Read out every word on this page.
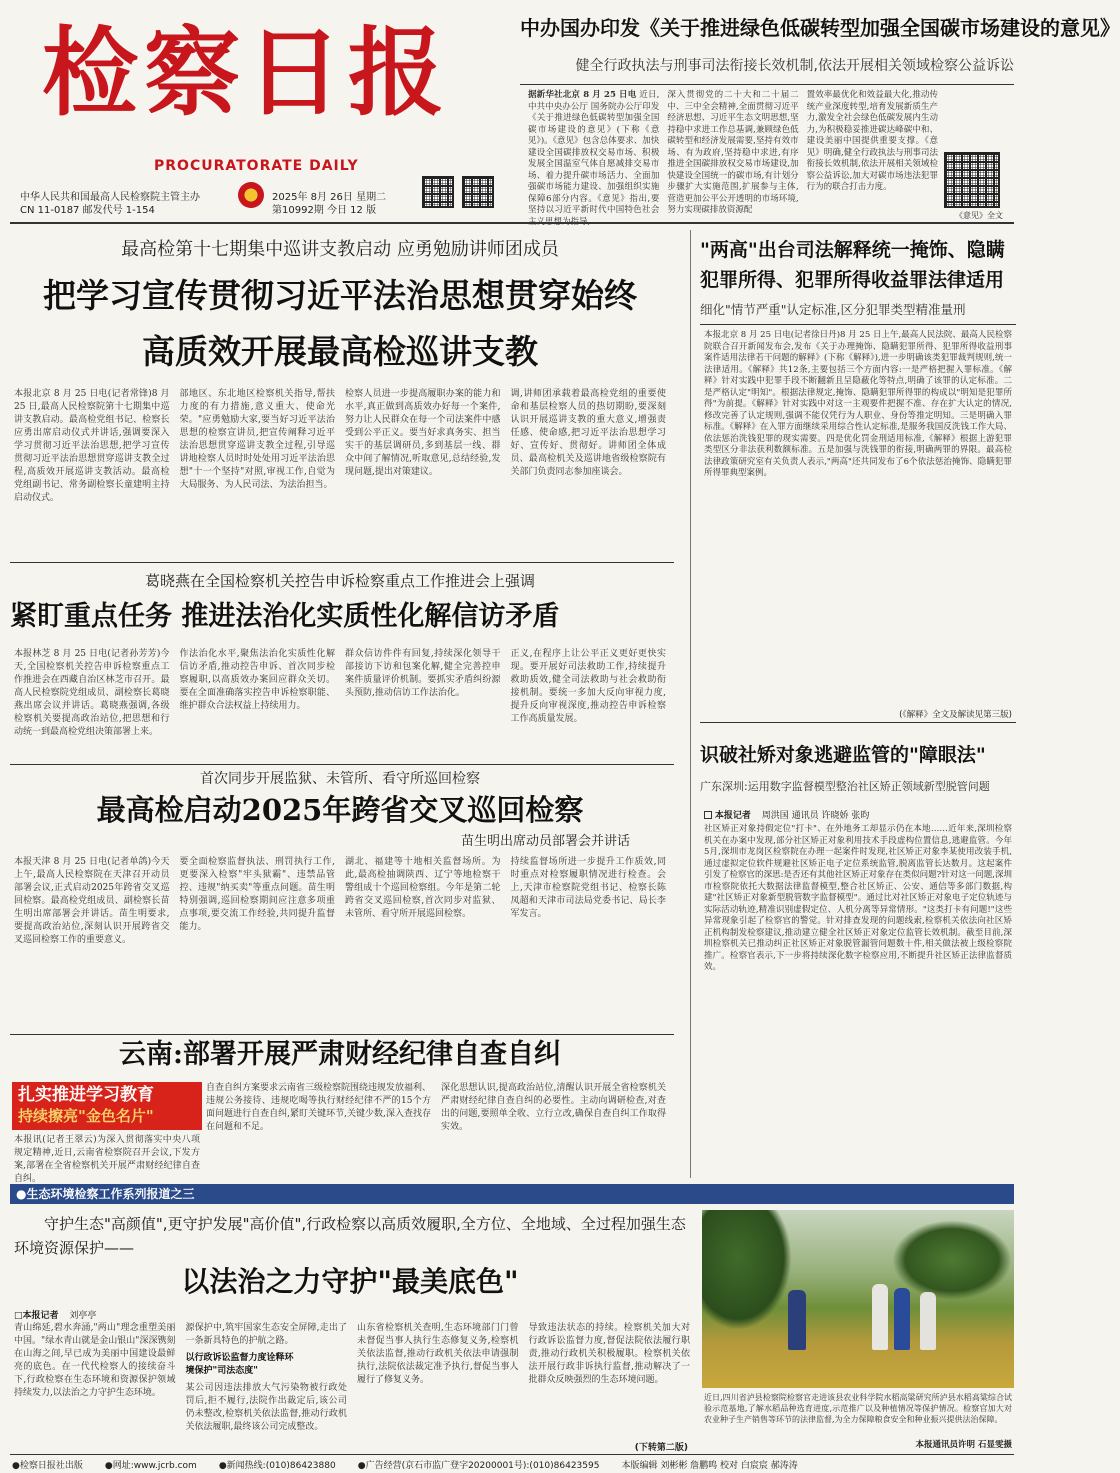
检察日报
PROCURATORATE DAILY
中华人民共和国最高人民检察院主管主办
CN 11-0187 邮发代号 1-154
2025年 8月 26日 星期二
第10992期 今日 12 版
中办国办印发《关于推进绿色低碳转型加强全国碳市场建设的意见》
健全行政执法与刑事司法衔接长效机制,依法开展相关领域检察公益诉讼
据新华社北京 8 月 25 日电 近日,中共中央办公厅 国务院办公厅印发《关于推进绿色低碳转型加强全国碳市场建设的意见》(下称《意见》)。《意见》包含总体要求、加快建设全国碳排放权交易市场、积极发展全国温室气体自愿减排交易市场、着力提升碳市场活力、全面加强碳市场能力建设、加强组织实施保障6部分内容。《意见》指出,要坚持以习近平新时代中国特色社会
深入贯彻党的二十大和二十届二中、三中全会精神,全面贯彻习近平经济思想、习近平生态文明思想,坚持稳中求进工作总基调,兼顾绿色低碳转型和经济发展需要,坚持有效市场、有为政府,坚持稳中求进,有序推进全国碳排放权交易市场建设,加快建设全国统一的碳市场,有计划分步骤扩大实施范围,扩展参与主体,营造更加公平公开透明的市场环境,努力实现碳排放资源配
置效率最优化和效益最大化,推动传统产业深度转型,培育发展新质生产力,激发全社会绿色低碳发展内生动力,为积极稳妥推进碳达峰碳中和、建设美丽中国提供重要支撑。《意见》明确,健全行政执法与刑事司法衔接长效机制,依法开展相关领域检察公益诉讼,加大对碳市场违法犯罪行为的联合打击力度。
《意见》全文
最高检第十七期集中巡讲支教启动 应勇勉励讲师团成员
把学习宣传贯彻习近平法治思想贯穿始终
高质效开展最高检巡讲支教
本报北京 8 月 25 日电(记者常锋)8 月 25 日,最高人民检察院第十七期集中巡讲支教启动。最高检党组书记、检察长应勇出席启动仪式并讲话,强调要深入学习贯彻习近平法治思想,把学习宣传贯彻习近平法治思想贯穿巡讲支教全过程,高质效开展巡讲支教活动。最高检党组副书记、常务副检察长童建明主持启动仪式。
部地区、东北地区检察机关指导,帮扶力度的有力措施,意义重大、使命光荣。"应勇勉励大家,要当好习近平法治思想的检察宣讲员,把宣传阐释习近平法治思想贯穿巡讲支教全过程,引导巡讲地检察人员时时处处用习近平法治思想"十一个坚持"对照,审视工作,自觉为大局服务、为人民司法、为法治担当。
检察人员进一步提高履职办案的能力和水平,真正做到高质效办好每一个案件,努力让人民群众在每一个司法案件中感受到公平正义。要当好求真务实、担当实干的基层调研员,多到基层一线、群众中间了解情况,听取意见,总结经验,发现问题,提出对策建议。
调,讲师团承载着最高检党组的重要使命和基层检察人员的热切期盼,要深刻认识开展巡讲支教的重大意义,增强责任感、使命感,把习近平法治思想学习好、宣传好、贯彻好。讲师团全体成员、最高检机关及巡讲地省级检察院有关部门负责同志参加座谈会。
葛晓燕在全国检察机关控告申诉检察重点工作推进会上强调
紧盯重点任务 推进法治化实质性化解信访矛盾
本报林芝 8 月 25 日电(记者孙芳芳)今天,全国检察机关控告申诉检察重点工作推进会在西藏自治区林芝市召开。最高人民检察院党组成员、副检察长葛晓燕出席会议并讲话。葛晓燕强调,各级检察机关要提高政治站位,把思想和行动统一到最高检党组决策部署上来。
作法治化水平,聚焦法治化实质性化解信访矛盾,推动控告申诉、首次同步检察履职,以高质效办案回应群众关切。要在全面准确落实控告申诉检察职能、维护群众合法权益上持续用力。
群众信访件件有回复,持续深化领导干部接访下访和包案化解,健全完善控申案件质量评价机制。要抓实矛盾纠纷源头预防,推动信访工作法治化。
正义,在程序上让公平正义更好更快实现。要开展好司法救助工作,持续提升救助质效,健全司法救助与社会救助衔接机制。要统一多加大反向审视力度,提升反向审视深度,推动控告申诉检察工作高质量发展。
首次同步开展监狱、未管所、看守所巡回检察
最高检启动2025年跨省交叉巡回检察
苗生明出席动员部署会并讲话
本报天津 8 月 25 日电(记者单鸽)今天上午,最高人民检察院在天津召开动员部署会议,正式启动2025年跨省交叉巡回检察。最高检党组成员、副检察长苗生明出席部署会并讲话。苗生明要求,要提高政治站位,深刻认识开展跨省交叉巡回检察工作的重要意义。
要全面检察监督执法、刑罚执行工作,更要深入检察"牢头狱霸"、违禁品管控、违规"纳买卖"等重点问题。苗生明特别强调,巡回检察期间应注意多项重点事项,要交流工作经验,共同提升监督能力。
湖北、福建等十地相关监督场所。为此,最高检抽调陕西、辽宁等地检察干警组成十个巡回检察组。今年是第二轮跨省交叉巡回检察,首次同步对监狱、未管所、看守所开展巡回检察。
持续监督场所进一步提升工作质效,同时重点对检察履职情况进行检查。会上,天津市检察院党组书记、检察长陈凤超和天津市司法局党委书记、局长李军发言。
云南:部署开展严肃财经纪律自查自纠
扎实推进学习教育
持续擦亮"金色名片"
本报讯(记者王翠云)为深入贯彻落实中央八项规定精神,近日,云南省检察院召开会议,下发方案,部署在全省检察机关开展严肃财经纪律自查自纠。
自查自纠方案要求云南省三级检察院围绕违规发放福利、违规公务接待、违规吃喝等执行财经纪律不严的15个方面问题进行自查自纠,紧盯关键环节,关键少数,深入查找存在问题和不足。
深化思想认识,提高政治站位,清醒认识开展全省检察机关严肃财经纪律自查自纠的必要性。主动向调研检查,对查出的问题,要照单全收、立行立改,确保自查自纠工作取得实效。
"两高"出台司法解释统一掩饰、隐瞒
犯罪所得、犯罪所得收益罪法律适用
细化"情节严重"认定标准,区分犯罪类型精准量刑
本报北京 8 月 25 日电(记者徐日丹)8 月 25 日上午,最高人民法院、最高人民检察院联合召开新闻发布会,发布《关于办理掩饰、隐瞒犯罪所得、犯罪所得收益刑事案件适用法律若干问题的解释》(下称《解释》),进一步明确该类犯罪裁判规则,统一法律适用。《解释》共12条,主要包括三个方面内容:一是严格把握入罪标准。《解释》针对实践中犯罪手段不断翻新且呈隐蔽化等特点,明确了该罪的认定标准。二是严格认定"明知"。根据法律规定,掩饰、隐瞒犯罪所得罪的构成以"明知是犯罪所得"为前提。《解释》针对实践中对这一主观要件把握不准、存在扩大认定的情况,修改完善了认定规则,强调不能仅凭行为人职业、身份等推定明知。三是明确入罪标准。《解释》在入罪方面继续采用综合性认定标准,是服务我国反洗钱工作大局、依法惩治洗钱犯罪的现实需要。四是优化罚金刑适用标准,《解释》根据上游犯罪类型区分非法获利数额标准。五是加强与洗钱罪的衔接,明确两罪的界限。最高检法律政策研究室有关负责人表示,"两高"还共同发布了6个依法惩治掩饰、隐瞒犯罪所得罪典型案例。
(《解释》全文及解读见第三版)
识破社矫对象逃避监管的"障眼法"
广东深圳:运用数字监督模型整治社区矫正领域新型脱管问题
本报记者 周洪国 通讯员 许晓娇 张昀
社区矫正对象持假定位"打卡"、在外地务工却显示仍在本地……近年来,深圳检察机关在办案中发现,部分社区矫正对象利用技术手段虚构位置信息,逃避监管。今年5月,深圳市龙岗区检察院在办理一起案件时发现,社区矫正对象李某使用改装手机,通过虚拟定位软件规避社区矫正电子定位系统监管,脱离监管长达数月。这起案件引发了检察官的深思:是否还有其他社区矫正对象存在类似问题?针对这一问题,深圳市检察院依托大数据法律监督模型,整合社区矫正、公安、通信等多部门数据,构建"社区矫正对象新型脱管数字监督模型"。通过比对社区矫正对象电子定位轨迹与实际活动轨迹,精准识别虚假定位、人机分离等异常情形。"这类打卡有问题!"这些异常现象引起了检察官的警觉。针对排查发现的问题线索,检察机关依法向社区矫正机构制发检察建议,推动建立健全社区矫正对象定位监管长效机制。截至目前,深圳检察机关已推动纠正社区矫正对象脱管漏管问题数十件,相关做法被上级检察院推广。检察官表示,下一步将持续深化数字检察应用,不断提升社区矫正法律监督质效。
●生态环境检察工作系列报道之三
守护生态"高颜值",更守护发展"高价值",行政检察以高质效履职,全方位、全地域、全过程加强生态环境资源保护——
以法治之力守护"最美底色"
□本报记者 刘亭亭
青山绵延,碧水奔涌,"两山"理念重塑美丽中国。"绿水青山就是金山银山"深深镌刻在山海之间,早已成为美丽中国建设最鲜亮的底色。在一代代检察人的接续奋斗下,行政检察在生态环境和资源保护领域持续发力,以法治之力守护生态环境。
源保护中,筑牢国家生态安全屏障,走出了一条新具特色的护航之路。
以行政诉讼监督力度诠释环
境保护"司法态度"
某公司因违法排放大气污染物被行政处罚后,拒不履行,法院作出裁定后,该公司仍未整改,检察机关依法监督,推动行政机关依法履职,最终该公司完成整改。
山东省检察机关查明,生态环境部门门曾未督促当事人执行生态修复义务,检察机关依法监督,推动行政机关依法申请强制执行,法院依法裁定准予执行,督促当事人履行了修复义务。
导致违法状态的持续。检察机关加大对行政诉讼监督力度,督促法院依法履行职责,推动行政机关积极履职。检察机关依法开展行政非诉执行监督,推动解决了一批群众反映强烈的生态环境问题。
(下转第二版)
近日,四川省泸县检察院检察官走进该县农业科学院水稻高粱研究所泸县水稻高粱综合试验示范基地,了解水稻品种选育进度,示范推广以及种植情况等保护情况。检察官加大对农业种子生产销售等环节的法律监督,为全力保障粮食安全和种业振兴提供法治保障。
本报通讯员许明 石显雯摄
●检察日报社出版 ●网址:www.jcrb.com ●新闻热线:(010)86423880 ●广告经营(京石市监广登字20200001号):(010)86423595 本版编辑 刘彬彬 詹鹏鸣 校对 白宸宸 郝涛涛
